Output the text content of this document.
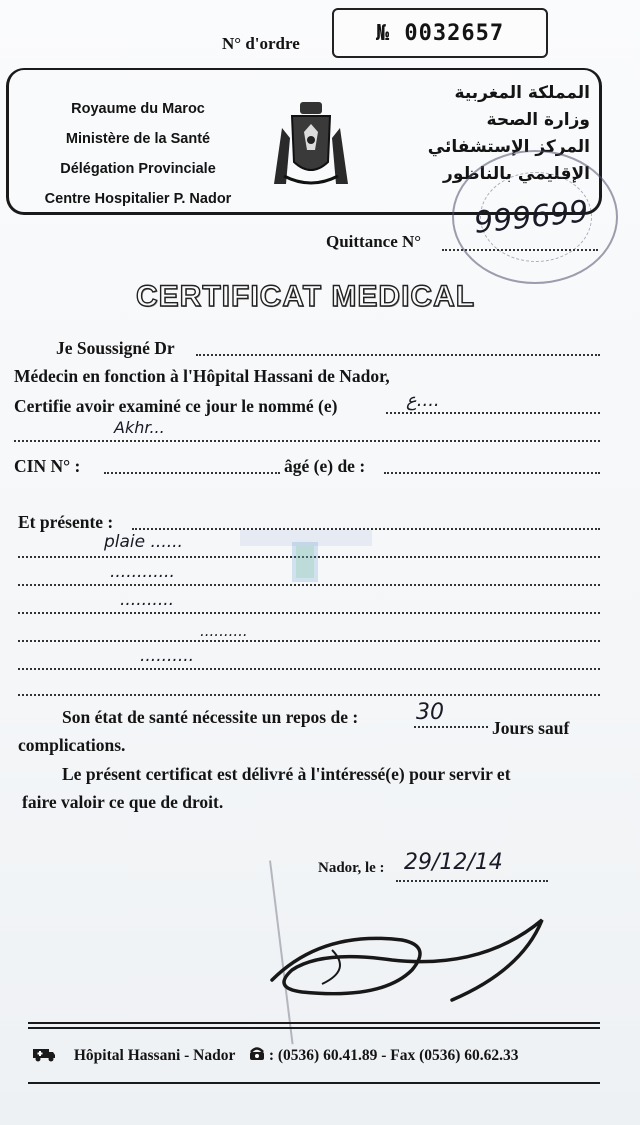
N° d'ordre	№ 0032657
Royaume du Maroc
Ministère de la Santé
Délégation Provinciale
Centre Hospitalier P. Nador
المملكة المغربية
وزارة الصحة
المركز الإستشفائي
الإقليمي بالناظور
Quittance N°
999699
CERTIFICAT MEDICAL
Je Soussigné Dr
Médecin en fonction à l'Hôpital Hassani de Nador,
Certifie avoir examiné ce jour le nommé (e)	ع....
Akhr...
CIN N° :	âgé (e) de :
Et présente :
plaie ......
............
..........
..........
..........
Son état de santé nécessite un repos de :	30
Jours sauf
complications.
Le présent certificat est délivré à l'intéressé(e) pour servir et
faire valoir ce que de droit.
Nador, le : 29/12/14
Hôpital Hassani - Nador : (0536) 60.41.89 - Fax (0536) 60.62.33
